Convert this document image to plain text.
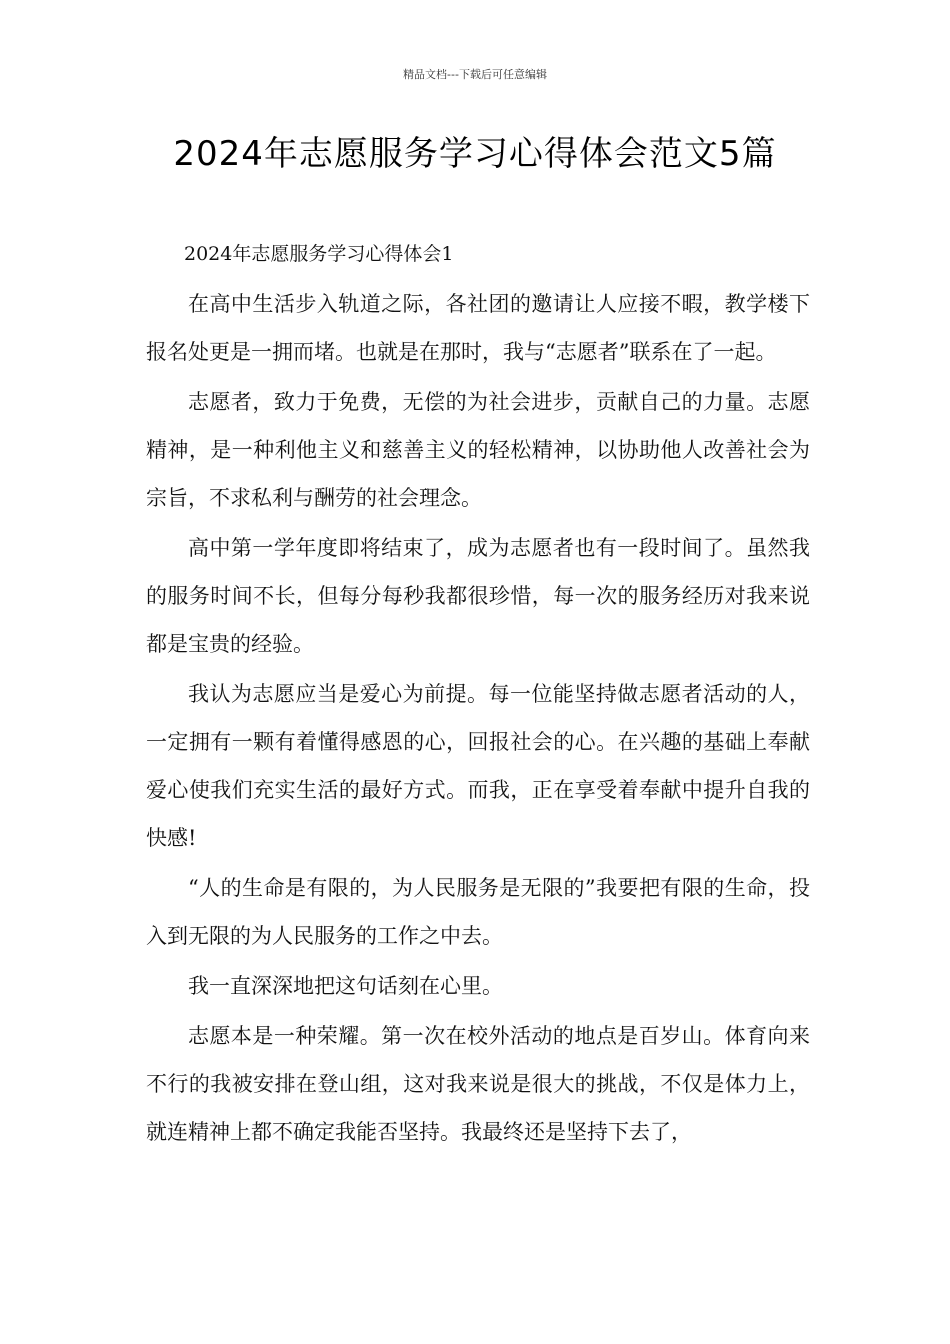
精品文档---下载后可任意编辑
2024年志愿服务学习心得体会范文5篇

2024年志愿服务学习心得体会1

在高中生活步入轨道之际，各社团的邀请让人应接不暇，教学楼下报名处更是一拥而堵。也就是在那时，我与“志愿者”联系在了一起。

志愿者，致力于免费，无偿的为社会进步，贡献自己的力量。志愿精神，是一种利他主义和慈善主义的轻松精神，以协助他人改善社会为宗旨，不求私利与酬劳的社会理念。

高中第一学年度即将结束了，成为志愿者也有一段时间了。虽然我的服务时间不长，但每分每秒我都很珍惜，每一次的服务经历对我来说都是宝贵的经验。

我认为志愿应当是爱心为前提。每一位能坚持做志愿者活动的人，一定拥有一颗有着懂得感恩的心，回报社会的心。在兴趣的基础上奉献爱心使我们充实生活的最好方式。而我，正在享受着奉献中提升自我的快感!

“人的生命是有限的，为人民服务是无限的”我要把有限的生命，投入到无限的为人民服务的工作之中去。

我一直深深地把这句话刻在心里。

志愿本是一种荣耀。第一次在校外活动的地点是百岁山。体育向来不行的我被安排在登山组，这对我来说是很大的挑战，不仅是体力上，就连精神上都不确定我能否坚持。我最终还是坚持下去了，
